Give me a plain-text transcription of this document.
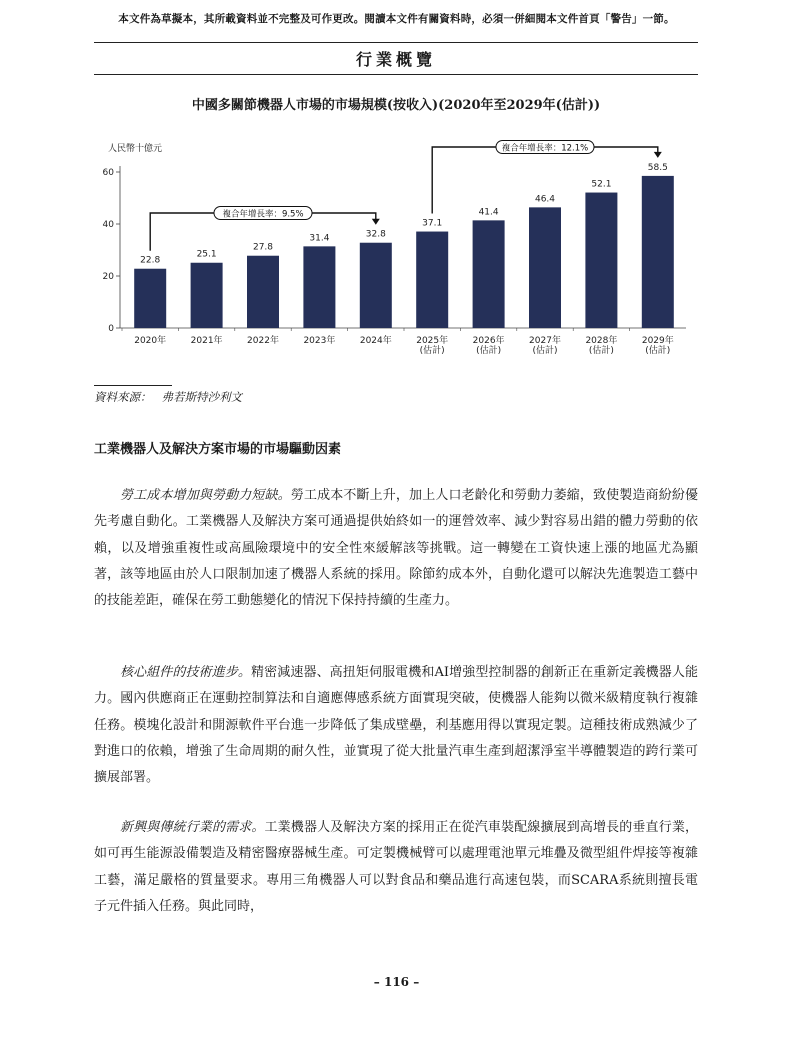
本文件為草擬本，其所載資料並不完整及可作更改。閱讀本文件有關資料時，必須一併細閱本文件首頁「警告」一節。
行業概覽
中國多關節機器人市場的市場規模(按收入)(2020年至2029年(估計))
人民幣十億元
0
20
40
60
22.8
2020年
25.1
2021年
27.8
2022年
31.4
2023年
32.8
2024年
37.1
2025年
(估計)
41.4
2026年
(估計)
46.4
2027年
(估計)
52.1
2028年
(估計)
58.5
2029年
(估計)
複合年增長率：9.5%
複合年增長率：12.1%
資料來源： 弗若斯特沙利文
工業機器人及解決方案市場的市場驅動因素

勞工成本增加與勞動力短缺。勞工成本不斷上升，加上人口老齡化和勞動力萎縮，致使製造商紛紛優先考慮自動化。工業機器人及解決方案可通過提供始終如一的運營效率、減少對容易出錯的體力勞動的依賴，以及增強重複性或高風險環境中的安全性來緩解該等挑戰。這一轉變在工資快速上漲的地區尤為顯著，該等地區由於人口限制加速了機器人系統的採用。除節約成本外，自動化還可以解決先進製造工藝中的技能差距，確保在勞工動態變化的情況下保持持續的生產力。

核心組件的技術進步。精密減速器、高扭矩伺服電機和AI增強型控制器的創新正在重新定義機器人能力。國內供應商正在運動控制算法和自適應傳感系統方面實現突破，使機器人能夠以微米級精度執行複雜任務。模塊化設計和開源軟件平台進一步降低了集成壁壘，利基應用得以實現定製。這種技術成熟減少了對進口的依賴，增強了生命周期的耐久性，並實現了從大批量汽車生產到超潔淨室半導體製造的跨行業可擴展部署。

新興與傳統行業的需求。工業機器人及解決方案的採用正在從汽車裝配線擴展到高增長的垂直行業，如可再生能源設備製造及精密醫療器械生產。可定製機械臂可以處理電池單元堆疊及微型組件焊接等複雜工藝，滿足嚴格的質量要求。專用三角機器人可以對食品和藥品進行高速包裝，而SCARA系統則擅長電子元件插入任務。與此同時，

– 116 –
